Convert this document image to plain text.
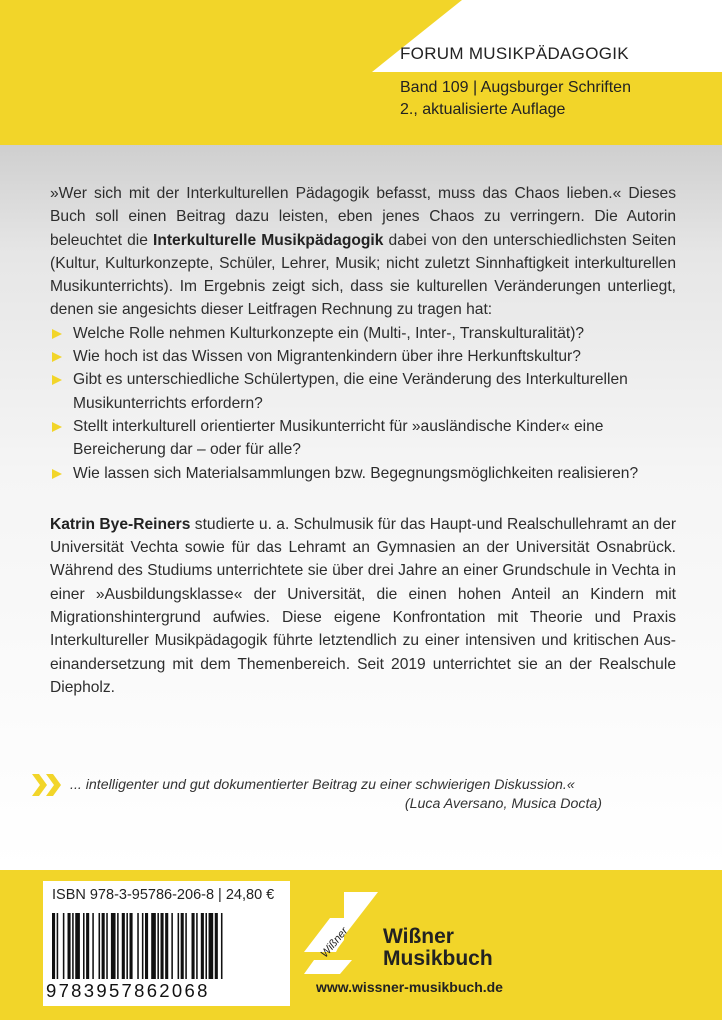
FORUM MUSIKPÄDAGOGIK
Band 109 | Augsburger Schriften
2., aktualisierte Auflage

»Wer sich mit der Interkulturellen Pädagogik befasst, muss das Chaos lieben.« Dieses Buch soll einen Beitrag dazu leisten, eben jenes Chaos zu verringern. Die Autorin beleuchtet die Interkulturelle Musikpädagogik dabei von den unterschiedlichsten Seiten (Kultur, Kulturkonzepte, Schüler, Lehrer, Musik; nicht zuletzt Sinnhaftigkeit interkulturellen Musikunterrichts). Im Ergebnis zeigt sich, dass sie kulturellen Veränderungen unterliegt, denen sie angesichts dieser Leitfragen Rechnung zu tragen hat:

Welche Rolle nehmen Kulturkonzepte ein (Multi-, Inter-, Transkulturalität)?
Wie hoch ist das Wissen von Migrantenkindern über ihre Herkunftskultur?
Gibt es unterschiedliche Schülertypen, die eine Veränderung des Interkulturellen Musikunterrichts erfordern?
Stellt interkulturell orientierter Musikunterricht für »ausländische Kinder« eine Bereicherung dar – oder für alle?
Wie lassen sich Materialsammlungen bzw. Begegnungsmöglichkeiten realisieren?

Katrin Bye-Reiners studierte u. a. Schulmusik für das Haupt-und Realschullehramt an der Universität Vechta sowie für das Lehramt an Gymnasien an der Universität Osnabrück. Während des Studiums unterrichtete sie über drei Jahre an einer Grundschule in Vechta in einer »Ausbildungsklasse« der Universität, die einen hohen Anteil an Kindern mit Migrationshintergrund aufwies. Diese eigene Konfrontation mit Theorie und Praxis Interkultureller Musikpädagogik führte letztendlich zu einer intensiven und kritischen Auseinandersetzung mit dem Themenbereich. Seit 2019 unterrichtet sie an der Realschule Diepholz.

... intelligenter und gut dokumentierter Beitrag zu einer schwierigen Diskussion.«
(Luca Aversano, Musica Docta)
ISBN 978-3-95786-206-8 | 24,80 €
9783957862068
Wißner Wißner
Musikbuch
www.wissner-musikbuch.de
